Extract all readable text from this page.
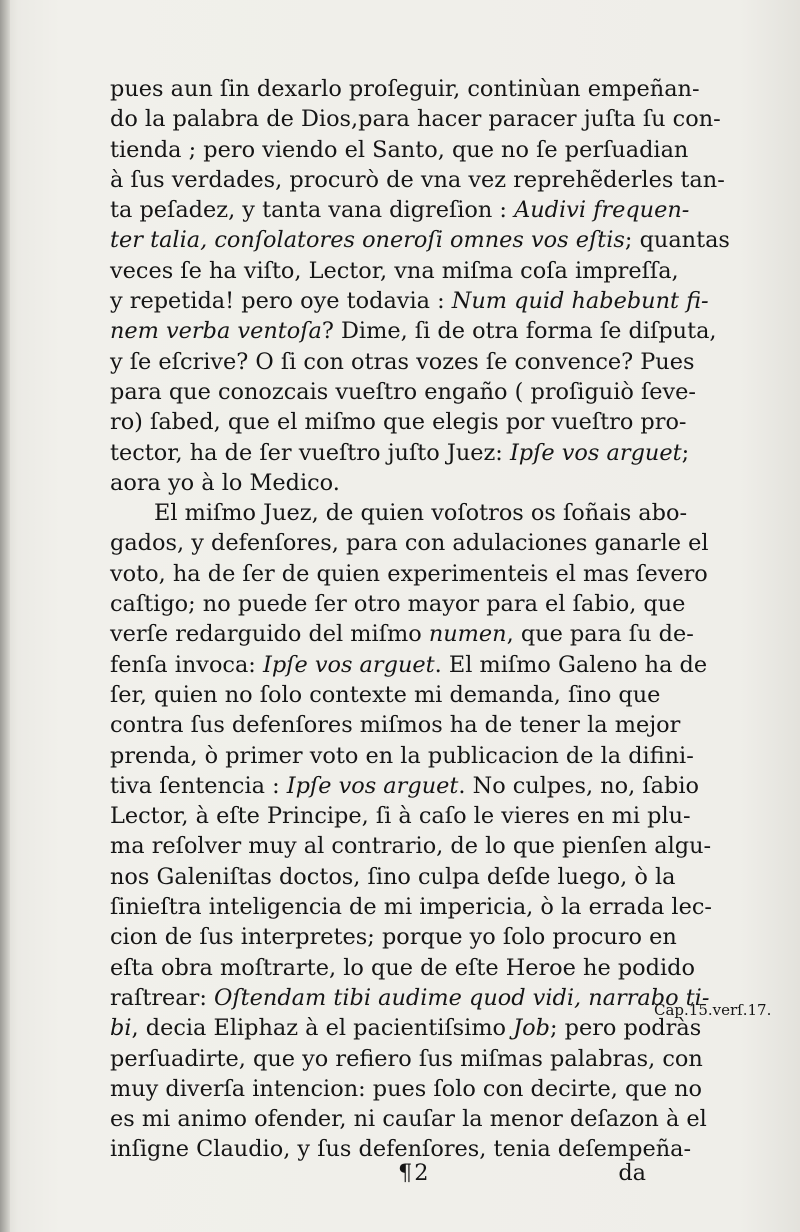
pues aun ſin dexarlo proſeguir, continùan empeñan-
do la palabra de Dios,para hacer paracer juſta ſu con-
tienda ; pero viendo el Santo, que no ſe perſuadian
à ſus verdades, procurò de vna vez reprehẽderles tan-
ta peſadez, y tanta vana digreſion : Audivi frequen-
ter talia, conſolatores oneroſi omnes vos eſtis; quantas
veces ſe ha viſto, Lector, vna miſma coſa impreſſa,
y repetida! pero oye todavia : Num quid habebunt fi-
nem verba ventoſa? Dime, ſi de otra forma ſe diſputa,
y ſe eſcrive? O ſi con otras vozes ſe convence? Pues
para que conozcais vueſtro engaño ( proſiguiò ſeve-
ro) ſabed, que el miſmo que elegis por vueſtro pro-
tector, ha de ſer vueſtro juſto Juez: Ipſe vos arguet;
aora yo à lo Medico.
El miſmo Juez, de quien voſotros os ſoñais abo-
gados, y defenſores, para con adulaciones ganarle el
voto, ha de ſer de quien experimenteis el mas ſevero
caſtigo; no puede ſer otro mayor para el ſabio, que
verſe redarguido del miſmo numen, que para ſu de-
fenſa invoca: Ipſe vos arguet. El miſmo Galeno ha de
ſer, quien no ſolo contexte mi demanda, ſino que
contra ſus defenſores miſmos ha de tener la mejor
prenda, ò primer voto en la publicacion de la difini-
tiva ſentencia : Ipſe vos arguet. No culpes, no, ſabio
Lector, à eſte Principe, ſi à caſo le vieres en mi plu-
ma reſolver muy al contrario, de lo que pienſen algu-
nos Galeniſtas doctos, ſino culpa deſde luego, ò la
ſinieſtra inteligencia de mi impericia, ò la errada lec-
cion de ſus interpretes; porque yo ſolo procuro en
eſta obra moſtrarte, lo que de eſte Heroe he podido
raſtrear: Oſtendam tibi audime quod vidi, narrabo ti-
bi, decia Eliphaz à el pacientiſsimo Job; pero podràs
perſuadirte, que yo refiero ſus miſmas palabras, con
muy diverſa intencion: pues ſolo con decirte, que no
es mi animo ofender, ni cauſar la menor deſazon à el
inſigne Claudio, y ſus defenſores, tenia deſempeña-
Cap.15.verſ.17.
¶2	da
